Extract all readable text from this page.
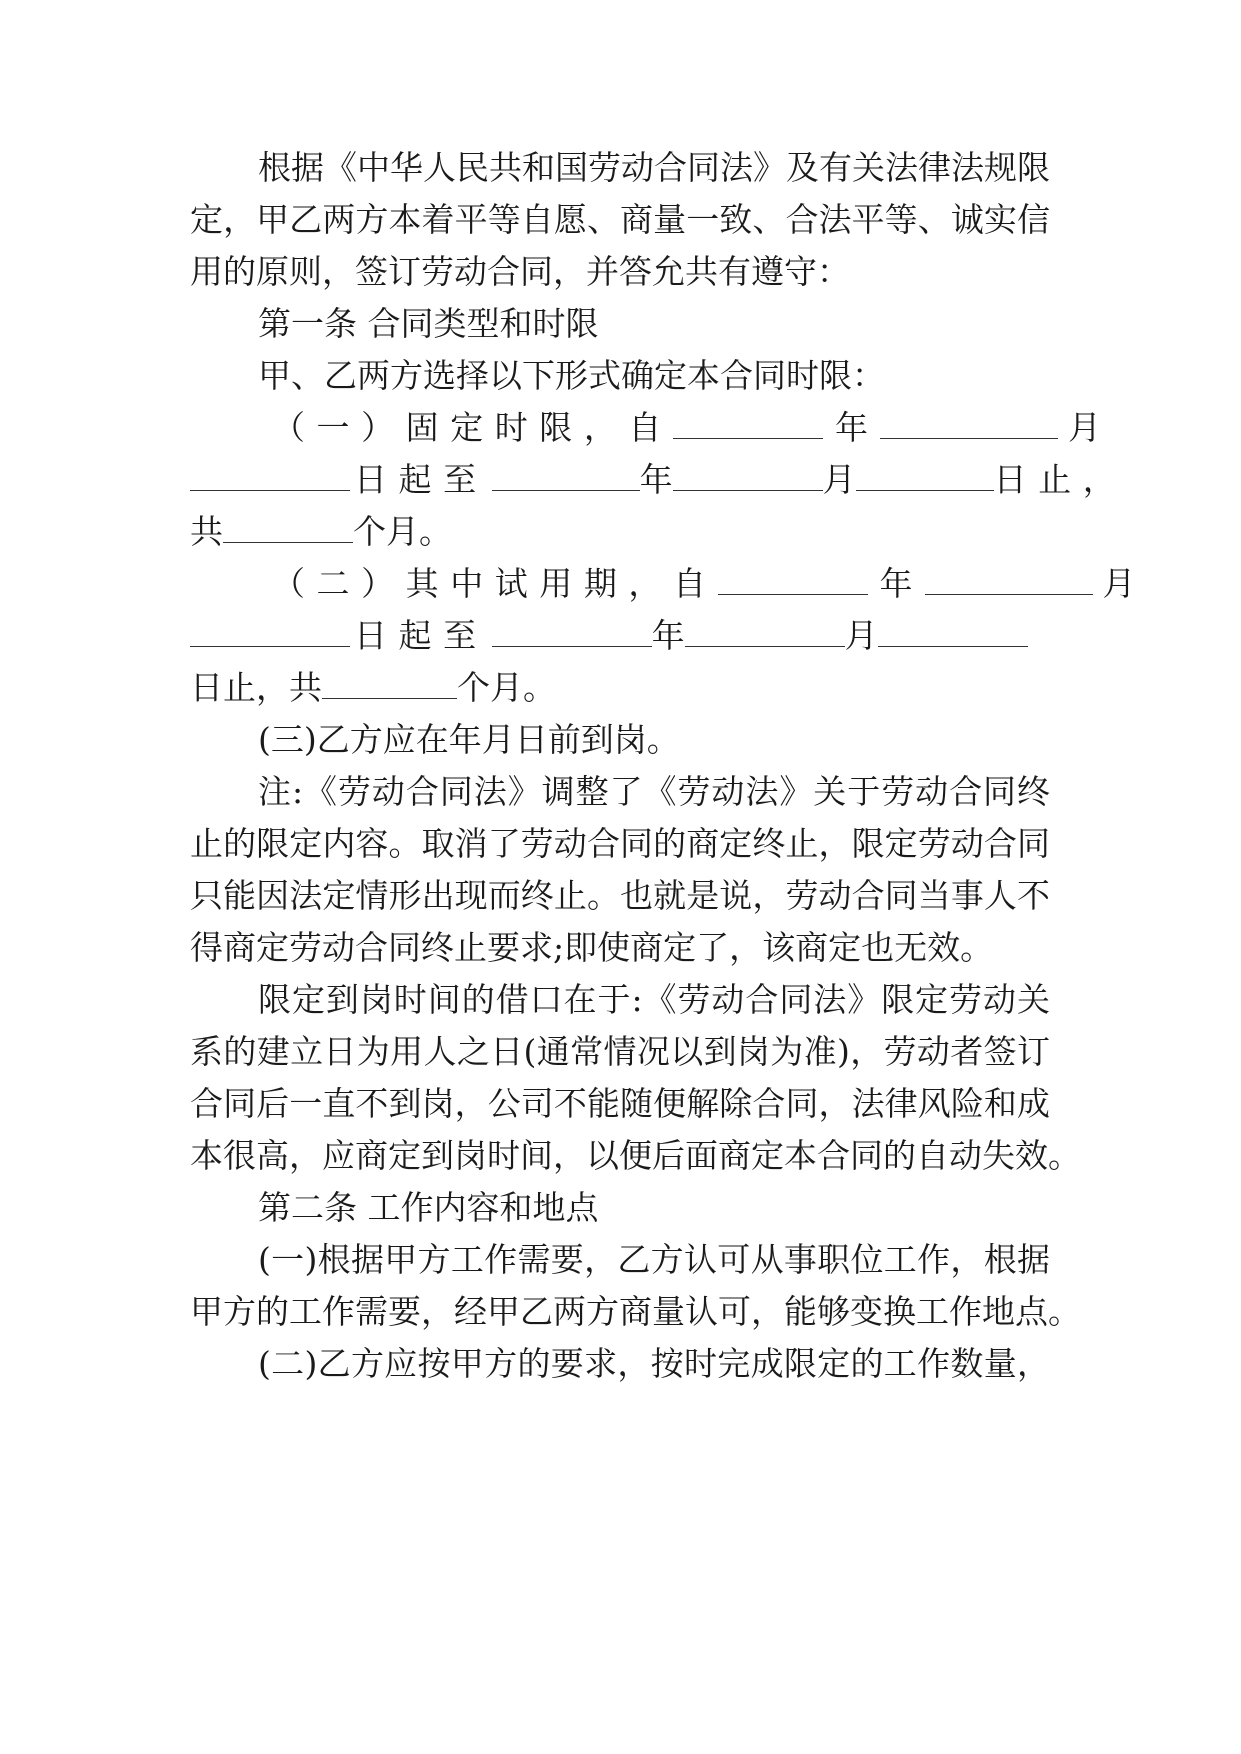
根据《中华人民共和国劳动合同法》及有关法律法规限
定，甲乙两方本着平等自愿、商量一致、合法平等、诚实信
用的原则，签订劳动合同，并答允共有遵守：
第一条 合同类型和时限
甲、乙两方选择以下形式确定本合同时限：
（一）固定时限，自	年	月
日起至	年	月	日止，
共	个月。
（二）其中试用期，自	年	月
日起至	年	月
日止，共	个月。
(三)乙方应在年月日前到岗。
注:《劳动合同法》调整了《劳动法》关于劳动合同终
止的限定内容。取消了劳动合同的商定终止，限定劳动合同
只能因法定情形出现而终止。也就是说，劳动合同当事人不
得商定劳动合同终止要求;即使商定了，该商定也无效。
限定到岗时间的借口在于:《劳动合同法》限定劳动关
系的建立日为用人之日(通常情况以到岗为准)，劳动者签订
合同后一直不到岗，公司不能随便解除合同，法律风险和成
本很高，应商定到岗时间，以便后面商定本合同的自动失效。
第二条 工作内容和地点
(一)根据甲方工作需要，乙方认可从事职位工作，根据
甲方的工作需要，经甲乙两方商量认可，能够变换工作地点。
(二)乙方应按甲方的要求，按时完成限定的工作数量，
